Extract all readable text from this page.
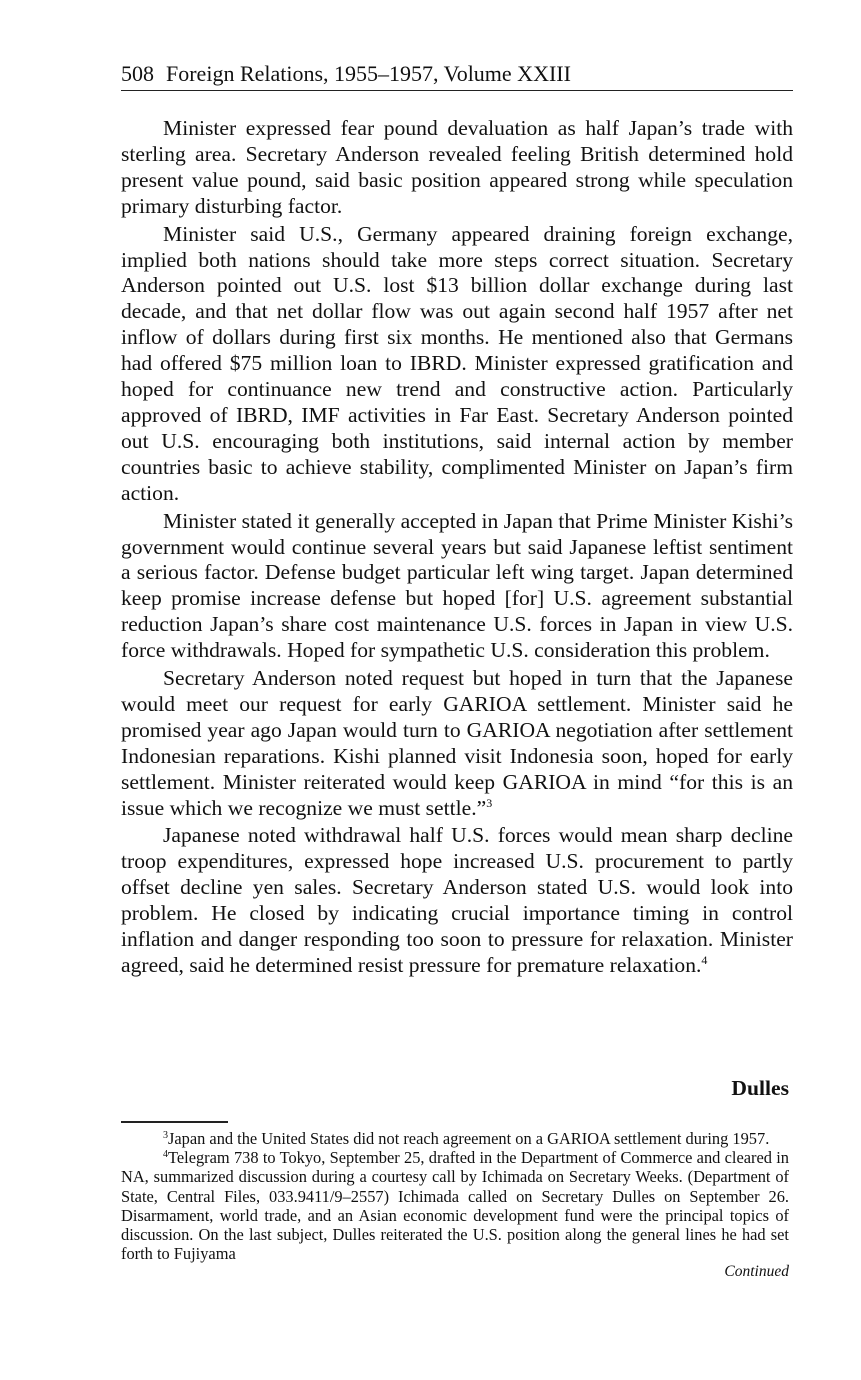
508 Foreign Relations, 1955–1957, Volume XXIII

Minister expressed fear pound devaluation as half Japan’s trade with sterling area. Secretary Anderson revealed feeling British determined hold present value pound, said basic position appeared strong while speculation primary disturbing factor.

Minister said U.S., Germany appeared draining foreign exchange, implied both nations should take more steps correct situation. Secretary Anderson pointed out U.S. lost $13 billion dollar exchange during last decade, and that net dollar flow was out again second half 1957 after net inflow of dollars during first six months. He mentioned also that Germans had offered $75 million loan to IBRD. Minister expressed gratification and hoped for continuance new trend and constructive action. Particularly approved of IBRD, IMF activities in Far East. Secretary Anderson pointed out U.S. encouraging both institutions, said internal action by member countries basic to achieve stability, complimented Minister on Japan’s firm action.

Minister stated it generally accepted in Japan that Prime Minister Kishi’s government would continue several years but said Japanese leftist sentiment a serious factor. Defense budget particular left wing target. Japan determined keep promise increase defense but hoped [for] U.S. agreement substantial reduction Japan’s share cost maintenance U.S. forces in Japan in view U.S. force withdrawals. Hoped for sympathetic U.S. consideration this problem.

Secretary Anderson noted request but hoped in turn that the Japanese would meet our request for early GARIOA settlement. Minister said he promised year ago Japan would turn to GARIOA negotiation after settlement Indonesian reparations. Kishi planned visit Indonesia soon, hoped for early settlement. Minister reiterated would keep GARIOA in mind “for this is an issue which we recognize we must settle.”$^3$

Japanese noted withdrawal half U.S. forces would mean sharp decline troop expenditures, expressed hope increased U.S. procurement to partly offset decline yen sales. Secretary Anderson stated U.S. would look into problem. He closed by indicating crucial importance timing in control inflation and danger responding too soon to pressure for relaxation. Minister agreed, said he determined resist pressure for premature relaxation.$^4$

Dulles

$^3$Japan and the United States did not reach agreement on a GARIOA settlement during 1957.

$^4$Telegram 738 to Tokyo, September 25, drafted in the Department of Commerce and cleared in NA, summarized discussion during a courtesy call by Ichimada on Secretary Weeks. (Department of State, Central Files, 033.9411/9–2557) Ichimada called on Secretary Dulles on September 26. Disarmament, world trade, and an Asian economic development fund were the principal topics of discussion. On the last subject, Dulles reiterated the U.S. position along the general lines he had set forth to Fujiyama

Continued
